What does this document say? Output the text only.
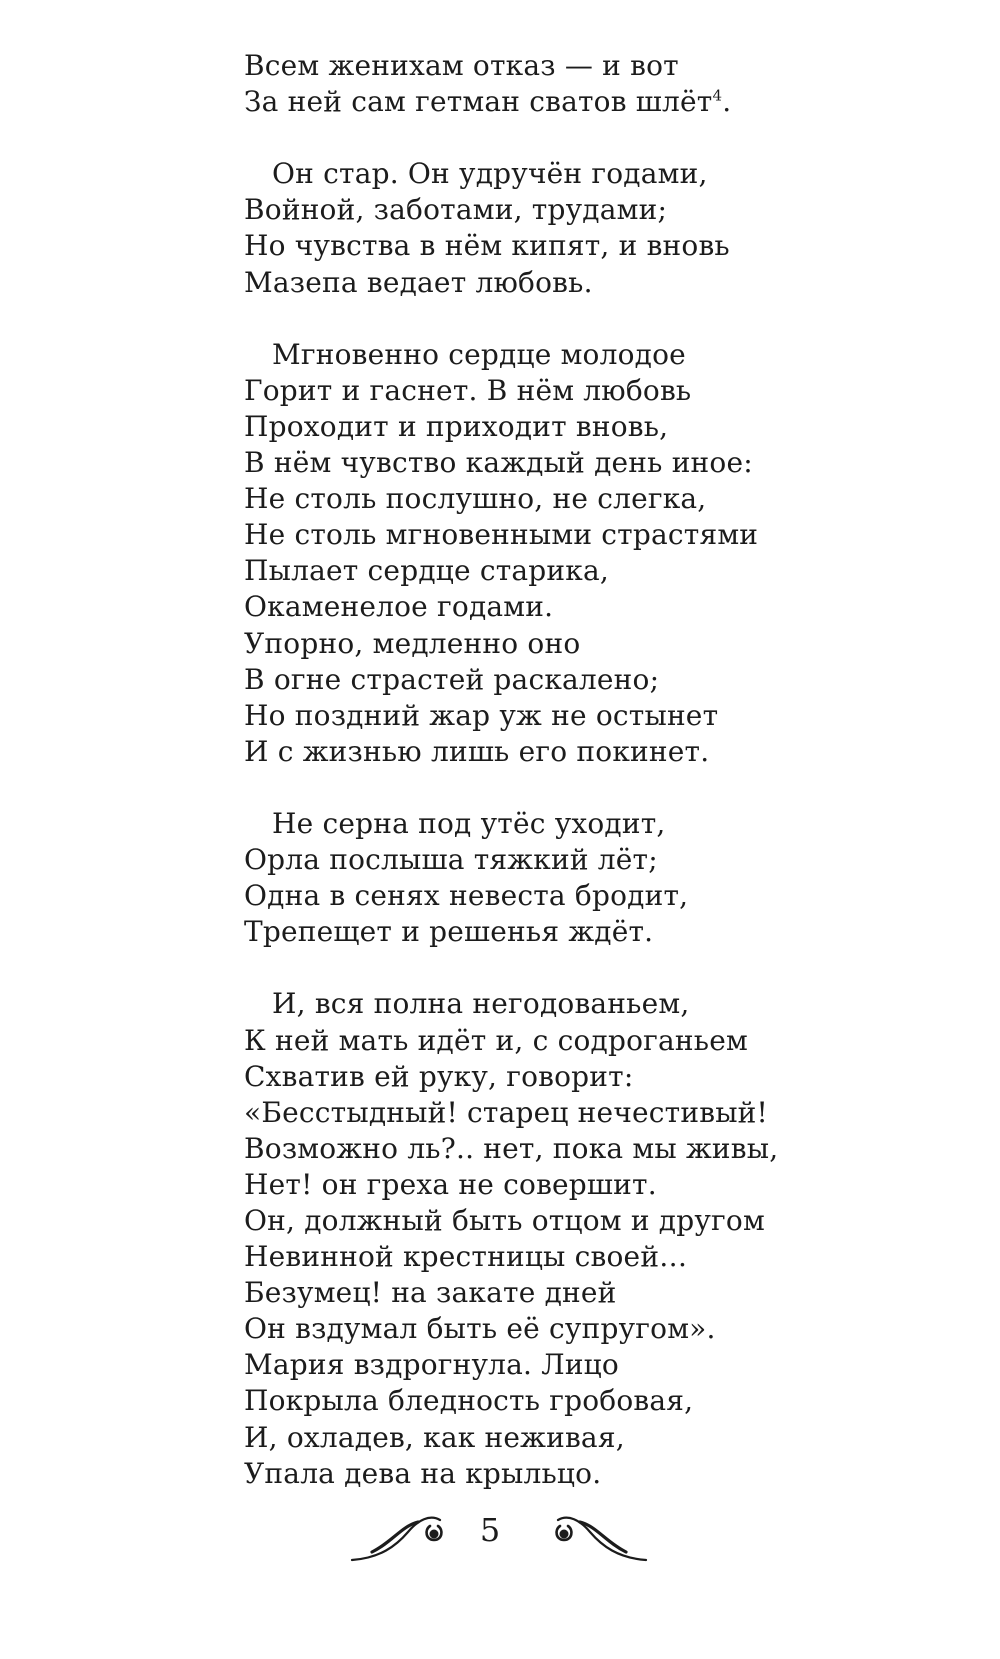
Всем женихам отказ — и вот
За ней сам гетман сватов шлёт$^4$.
Он стар. Он удручён годами,
Войной, заботами, трудами;
Но чувства в нём кипят, и вновь
Мазепа ведает любовь.
Мгновенно сердце молодое
Горит и гаснет. В нём любовь
Проходит и приходит вновь,
В нём чувство каждый день иное:
Не столь послушно, не слегка,
Не столь мгновенными страстями
Пылает сердце старика,
Окаменелое годами.
Упорно, медленно оно
В огне страстей раскалено;
Но поздний жар уж не остынет
И с жизнью лишь его покинет.
Не серна под утёс уходит,
Орла послыша тяжкий лёт;
Одна в сенях невеста бродит,
Трепещет и решенья ждёт.
И, вся полна негодованьем,
К ней мать идёт и, с содроганьем
Схватив ей руку, говорит:
«Бесстыдный! старец нечестивый!
Возможно ль?.. нет, пока мы живы,
Нет! он греха не совершит.
Он, должный быть отцом и другом
Невинной крестницы своей…
Безумец! на закате дней
Он вздумал быть её супругом».
Мария вздрогнула. Лицо
Покрыла бледность гробовая,
И, охладев, как неживая,
Упала дева на крыльцо.
5
